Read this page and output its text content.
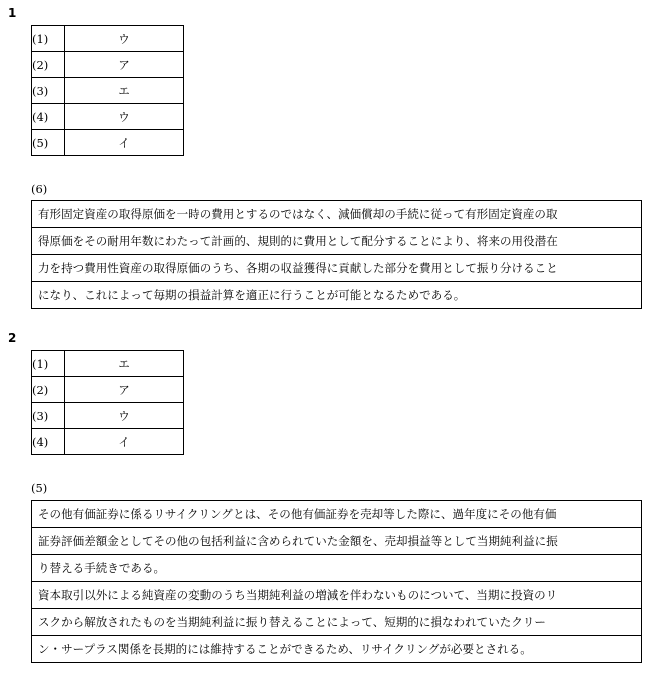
1
(1)	ウ
(2)	ア
(3)	エ
(4)	ウ
(5)	イ
(6)
有形固定資産の取得原価を一時の費用とするのではなく、減価償却の手続に従って有形固定資産の取
得原価をその耐用年数にわたって計画的、規則的に費用として配分することにより、将来の用役潜在
力を持つ費用性資産の取得原価のうち、各期の収益獲得に貢献した部分を費用として振り分けること
になり、これによって毎期の損益計算を適正に行うことが可能となるためである。
2
(1)	エ
(2)	ア
(3)	ウ
(4)	イ
(5)
その他有価証券に係るリサイクリングとは、その他有価証券を売却等した際に、過年度にその他有価
証券評価差額金としてその他の包括利益に含められていた金額を、売却損益等として当期純利益に振
り替える手続きである。
資本取引以外による純資産の変動のうち当期純利益の増減を伴わないものについて、当期に投資のリ
スクから解放されたものを当期純利益に振り替えることによって、短期的に損なわれていたクリー
ン・サープラス関係を長期的には維持することができるため、リサイクリングが必要とされる。
